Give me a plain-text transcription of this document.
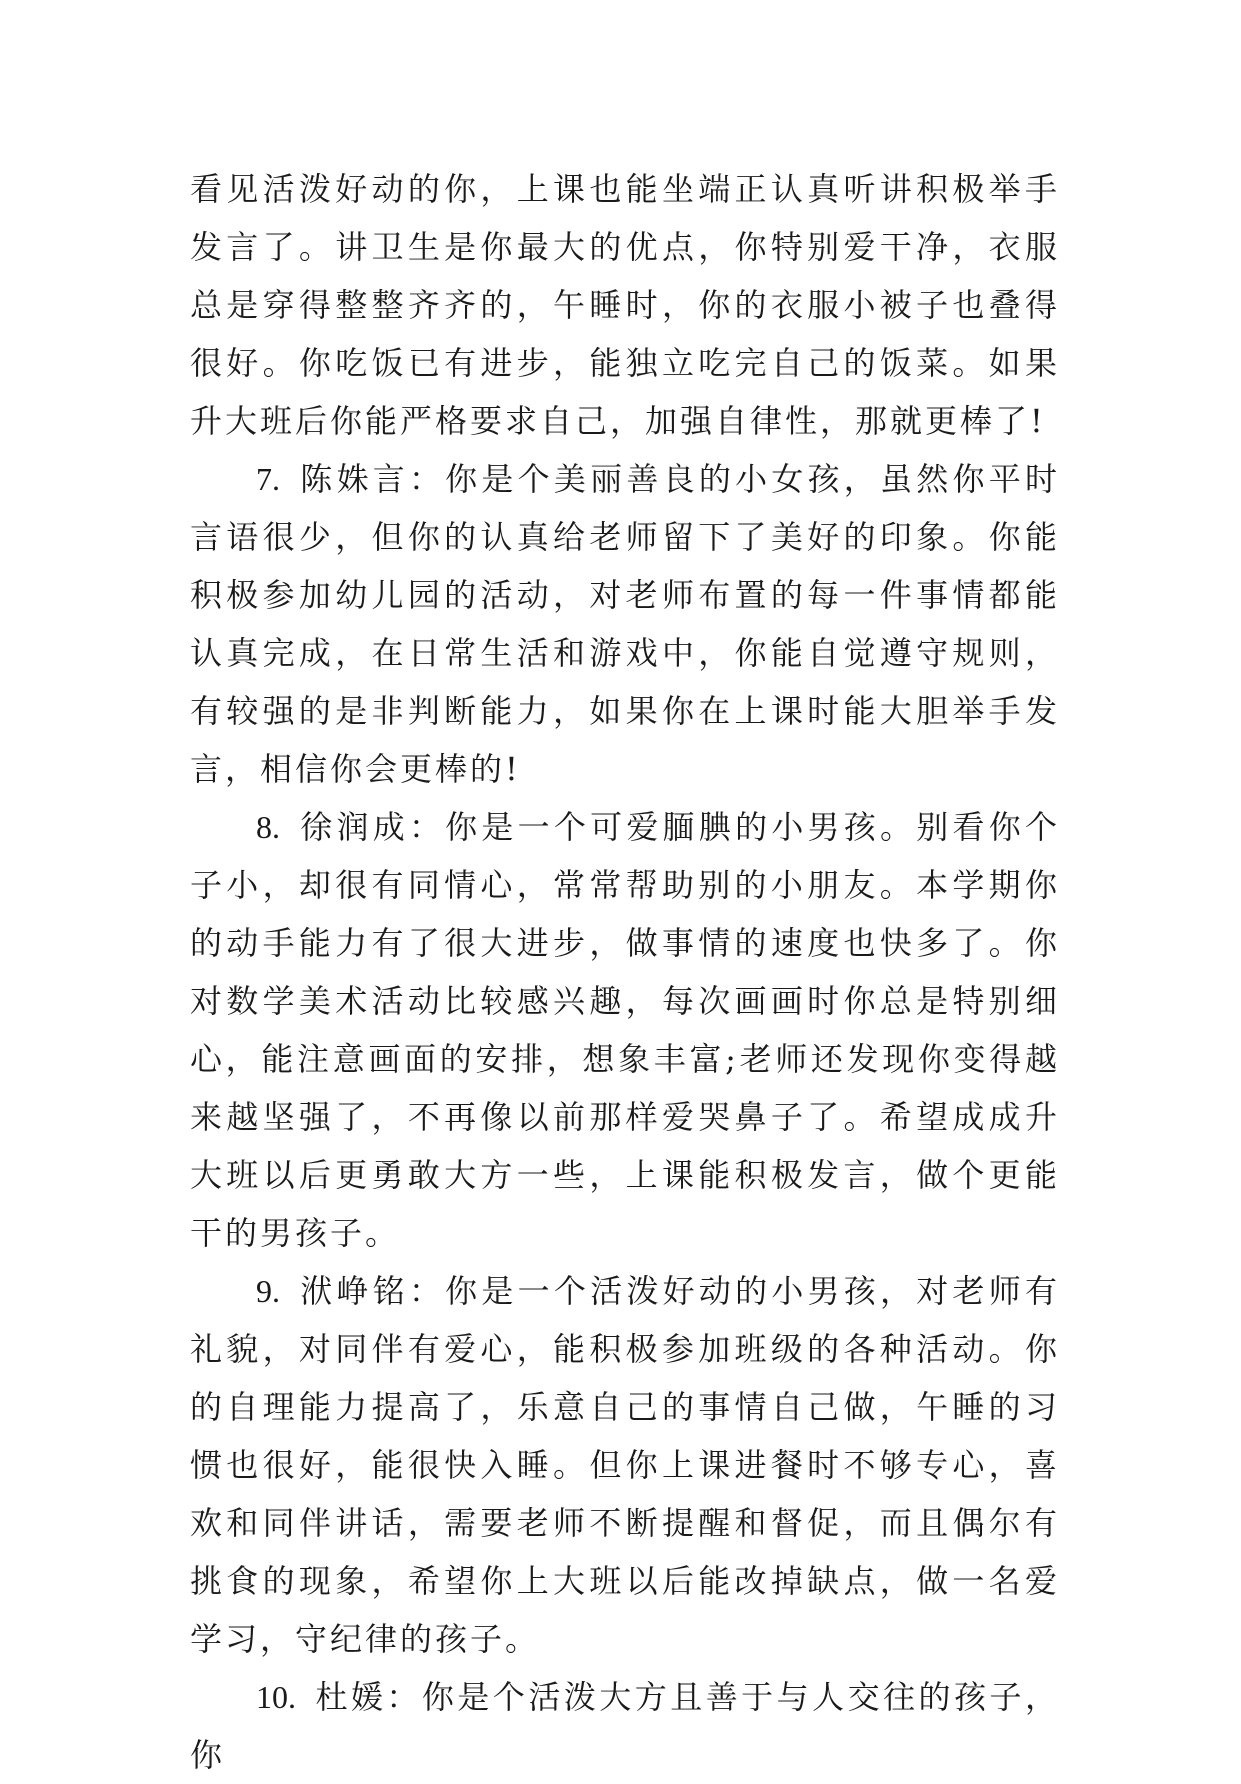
看见活泼好动的你，上课也能坐端正认真听讲积极举手发言了。讲卫生是你最大的优点，你特别爱干净，衣服总是穿得整整齐齐的，午睡时，你的衣服小被子也叠得很好。你吃饭已有进步，能独立吃完自己的饭菜。如果升大班后你能严格要求自己，加强自律性，那就更棒了!

7.  陈姝言：你是个美丽善良的小女孩，虽然你平时言语很少，但你的认真给老师留下了美好的印象。你能积极参加幼儿园的活动，对老师布置的每一件事情都能认真完成，在日常生活和游戏中，你能自觉遵守规则，有较强的是非判断能力，如果你在上课时能大胆举手发言，相信你会更棒的!

8.  徐润成：你是一个可爱腼腆的小男孩。别看你个子小，却很有同情心，常常帮助别的小朋友。本学期你的动手能力有了很大进步，做事情的速度也快多了。你对数学美术活动比较感兴趣，每次画画时你总是特别细心，能注意画面的安排，想象丰富;老师还发现你变得越来越坚强了，不再像以前那样爱哭鼻子了。希望成成升大班以后更勇敢大方一些，上课能积极发言，做个更能干的男孩子。

9.  洑峥铭：你是一个活泼好动的小男孩，对老师有礼貌，对同伴有爱心，能积极参加班级的各种活动。你的自理能力提高了，乐意自己的事情自己做，午睡的习惯也很好，能很快入睡。但你上课进餐时不够专心，喜欢和同伴讲话，需要老师不断提醒和督促，而且偶尔有挑食的现象，希望你上大班以后能改掉缺点，做一名爱学习，守纪律的孩子。

10.  杜媛：你是个活泼大方且善于与人交往的孩子，你
